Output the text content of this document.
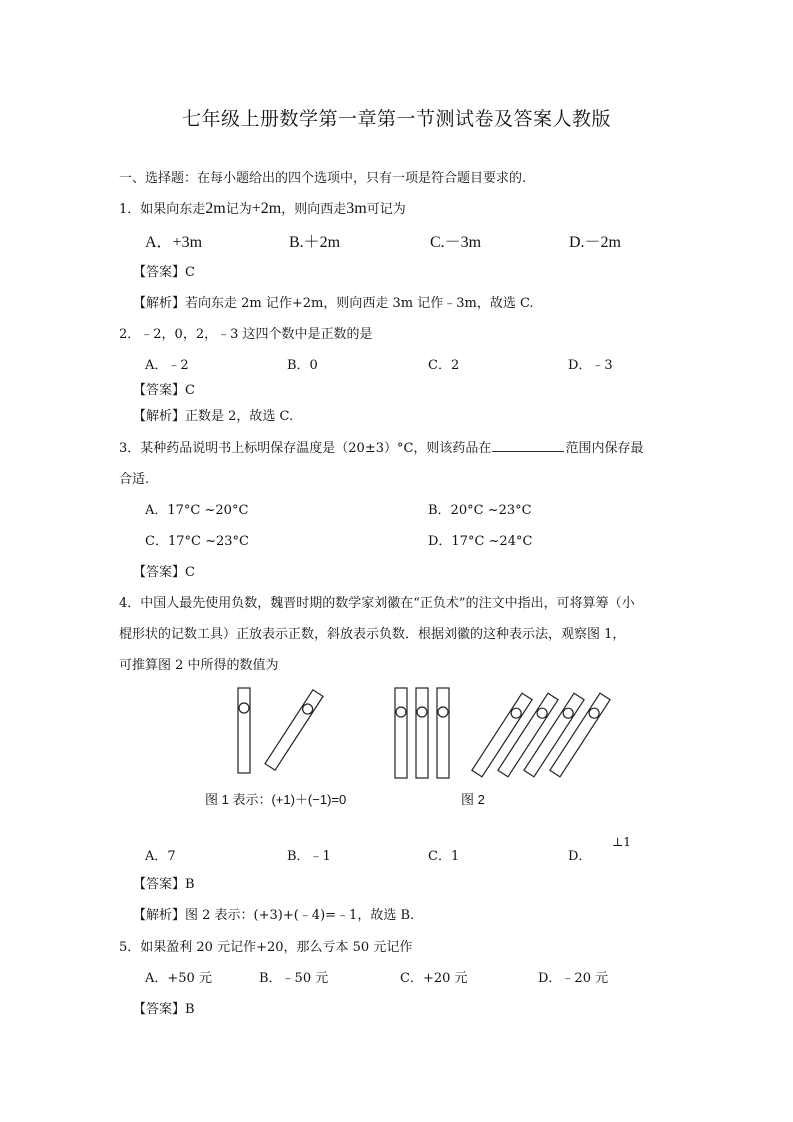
七年级上册数学第一章第一节测试卷及答案人教版
一、选择题：在每小题给出的四个选项中，只有一项是符合题目要求的.
1．如果向东走2m记为+2m，则向西走3m可记为
A．+3m	B.＋2m	C.－3m	D.－2m
【答案】C
【解析】若向东走 2m 记作+2m，则向西走 3m 记作﹣3m，故选 C.
2．﹣2，0，2，﹣3 这四个数中是正数的是
A．﹣2	B．0	C．2	D．﹣3
【答案】C
【解析】正数是 2，故选 C.
3．某种药品说明书上标明保存温度是（20±3）°C，则该药品在	范围内保存最
合适.
A．17°C ~20°C	B．20°C ~23°C
C．17°C ~23°C	D．17°C ~24°C
【答案】C
4．中国人最先使用负数，魏晋时期的数学家刘徽在“正负术”的注文中指出，可将算筹（小
棍形状的记数工具）正放表示正数，斜放表示负数．根据刘徽的这种表示法，观察图 1，
可推算图 2 中所得的数值为
图 1 表示：(+1)＋(−1)=0	图 2
A．7	B．﹣1	C．1	D．
⊥1
【答案】B
【解析】图 2 表示：(+3)+(﹣4)=﹣1，故选 B.
5．如果盈利 20 元记作+20，那么亏本 50 元记作
A．+50 元	B．﹣50 元	C．+20 元	D．﹣20 元
【答案】B
